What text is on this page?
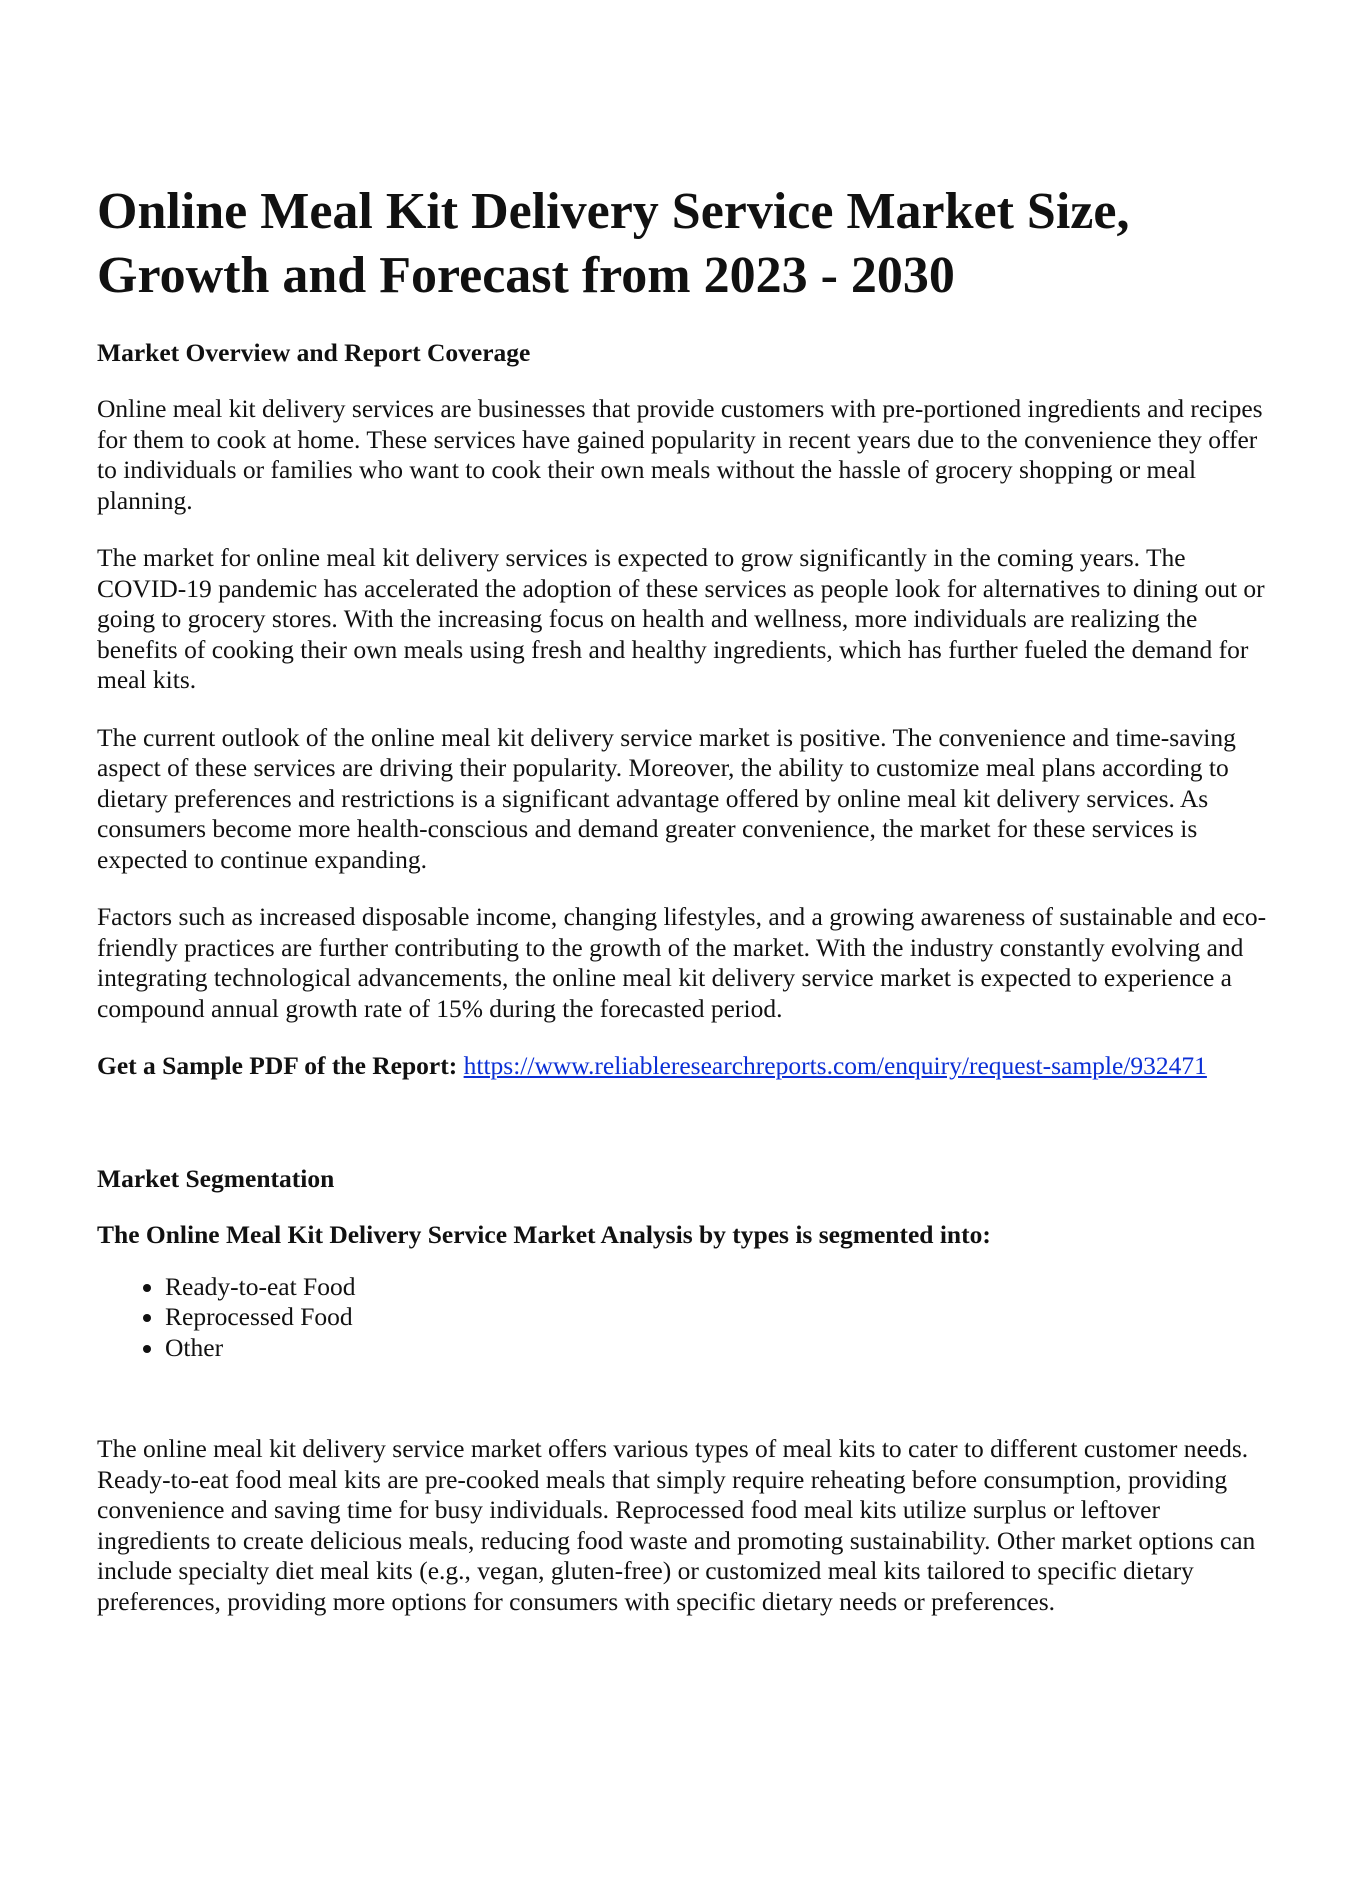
Online Meal Kit Delivery Service Market Size, Growth and Forecast from 2023 - 2030
Market Overview and Report Coverage

Online meal kit delivery services are businesses that provide customers with pre-portioned ingredients and recipes for them to cook at home. These services have gained popularity in recent years due to the convenience they offer to individuals or families who want to cook their own meals without the hassle of grocery shopping or meal planning.

The market for online meal kit delivery services is expected to grow significantly in the coming years. The COVID-19 pandemic has accelerated the adoption of these services as people look for alternatives to dining out or going to grocery stores. With the increasing focus on health and wellness, more individuals are realizing the benefits of cooking their own meals using fresh and healthy ingredients, which has further fueled the demand for meal kits.

The current outlook of the online meal kit delivery service market is positive. The convenience and time-saving aspect of these services are driving their popularity. Moreover, the ability to customize meal plans according to dietary preferences and restrictions is a significant advantage offered by online meal kit delivery services. As consumers become more health-conscious and demand greater convenience, the market for these services is expected to continue expanding.

Factors such as increased disposable income, changing lifestyles, and a growing awareness of sustainable and eco-friendly practices are further contributing to the growth of the market. With the industry constantly evolving and integrating technological advancements, the online meal kit delivery service market is expected to experience a compound annual growth rate of 15% during the forecasted period.

Get a Sample PDF of the Report: https://www.reliableresearchreports.com/enquiry/request-sample/932471

Market Segmentation
The Online Meal Kit Delivery Service Market Analysis by types is segmented into:
• Ready-to-eat Food
• Reprocessed Food
• Other

The online meal kit delivery service market offers various types of meal kits to cater to different customer needs. Ready-to-eat food meal kits are pre-cooked meals that simply require reheating before consumption, providing convenience and saving time for busy individuals. Reprocessed food meal kits utilize surplus or leftover ingredients to create delicious meals, reducing food waste and promoting sustainability. Other market options can include specialty diet meal kits (e.g., vegan, gluten-free) or customized meal kits tailored to specific dietary preferences, providing more options for consumers with specific dietary needs or preferences.
